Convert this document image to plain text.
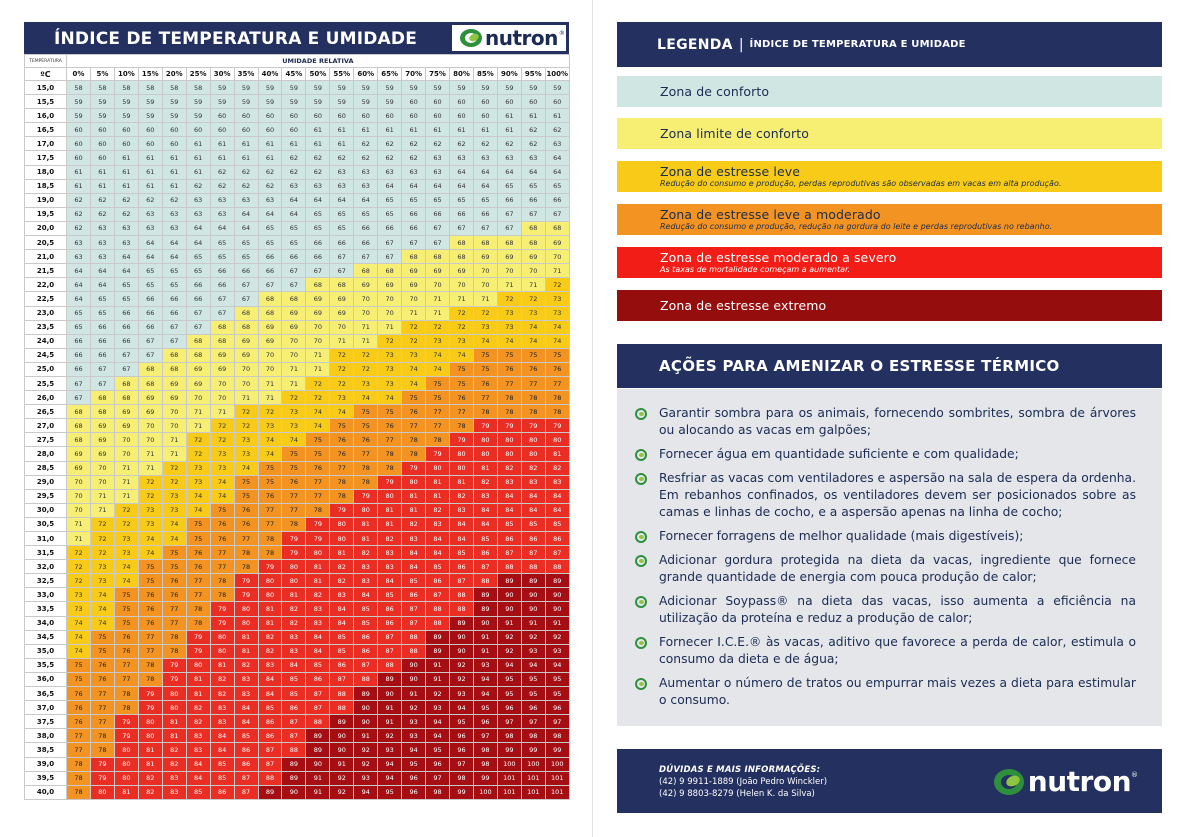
ÍNDICE DE TEMPERATURA E UMIDADE	nutron ®
TEMPERATURA	UMIDADE RELATIVA																				
ºC	0%	5%	10%	15%	20%	25%	30%	35%	40%	45%	50%	55%	60%	65%	70%	75%	80%	85%	90%	95%	100%
15,0	58	58	58	58	58	58	59	59	59	59	59	59	59	59	59	59	59	59	59	59	59
15,5	59	59	59	59	59	59	59	59	59	59	59	59	59	59	60	60	60	60	60	60	60
16,0	59	59	59	59	59	59	60	60	60	60	60	60	60	60	60	60	60	60	61	61	61
16,5	60	60	60	60	60	60	60	60	60	60	61	61	61	61	61	61	61	61	61	62	62
17,0	60	60	60	60	60	61	61	61	61	61	61	61	62	62	62	62	62	62	62	62	63
17,5	60	60	61	61	61	61	61	61	61	62	62	62	62	62	62	63	63	63	63	63	64
18,0	61	61	61	61	61	61	62	62	62	62	62	63	63	63	63	63	64	64	64	64	64
18,5	61	61	61	61	61	62	62	62	62	63	63	63	63	64	64	64	64	64	65	65	65
19,0	62	62	62	62	62	63	63	63	63	64	64	64	64	65	65	65	65	65	66	66	66
19,5	62	62	62	63	63	63	63	64	64	64	65	65	65	65	66	66	66	66	67	67	67
20,0	62	63	63	63	63	64	64	64	65	65	65	65	66	66	66	67	67	67	67	68	68
20,5	63	63	63	64	64	64	65	65	65	65	66	66	66	67	67	67	68	68	68	68	69
21,0	63	63	64	64	64	65	65	65	66	66	66	67	67	67	68	68	68	69	69	69	70
21,5	64	64	64	65	65	65	66	66	66	67	67	67	68	68	69	69	69	70	70	70	71
22,0	64	64	65	65	65	66	66	67	67	67	68	68	69	69	69	70	70	70	71	71	72
22,5	64	65	65	66	66	66	67	67	68	68	69	69	70	70	70	71	71	71	72	72	73
23,0	65	65	66	66	66	67	67	68	68	69	69	69	70	70	71	71	72	72	73	73	73
23,5	65	66	66	66	67	67	68	68	69	69	70	70	71	71	72	72	72	73	73	74	74
24,0	66	66	66	67	67	68	68	69	69	70	70	71	71	72	72	73	73	74	74	74	74
24,5	66	66	67	67	68	68	69	69	70	70	71	72	72	73	73	74	74	75	75	75	75
25,0	66	67	67	68	68	69	69	70	70	71	71	72	72	73	74	74	75	75	76	76	76
25,5	67	67	68	68	69	69	70	70	71	71	72	72	73	73	74	75	75	76	77	77	77
26,0	67	68	68	69	69	70	70	71	71	72	72	73	74	74	75	75	76	77	78	78	78
26,5	68	68	69	69	70	71	71	72	72	73	74	74	75	75	76	77	77	78	78	78	78
27,0	68	69	69	70	70	71	72	72	73	73	74	75	75	76	77	77	78	79	79	79	79
27,5	68	69	70	70	71	72	72	73	74	74	75	76	76	77	78	78	79	80	80	80	80
28,0	69	69	70	71	71	72	73	73	74	75	75	76	77	78	78	79	80	80	80	80	81
28,5	69	70	71	71	72	73	73	74	75	75	76	77	78	78	79	80	80	81	82	82	82
29,0	70	70	71	72	72	73	74	75	75	76	77	78	78	79	80	81	81	82	83	83	83
29,5	70	71	71	72	73	74	74	75	76	77	77	78	79	80	81	81	82	83	84	84	84
30,0	70	71	72	73	73	74	75	76	77	77	78	79	80	81	81	82	83	84	84	84	84
30,5	71	72	72	73	74	75	76	76	77	78	79	80	81	81	82	83	84	84	85	85	85
31,0	71	72	73	74	74	75	76	77	78	79	79	80	81	82	83	84	84	85	86	86	86
31,5	72	72	73	74	75	76	77	78	78	79	80	81	82	83	84	84	85	86	87	87	87
32,0	72	73	74	75	75	76	77	78	79	80	81	82	83	83	84	85	86	87	88	88	88
32,5	72	73	74	75	76	77	78	79	80	80	81	82	83	84	85	86	87	88	89	89	89
33,0	73	74	75	76	76	77	78	79	80	81	82	83	84	85	86	87	88	89	90	90	90
33,5	73	74	75	76	77	78	79	80	81	82	83	84	85	86	87	88	88	89	90	90	90
34,0	74	74	75	76	77	78	79	80	81	82	83	84	85	86	87	88	89	90	91	91	91
34,5	74	75	76	77	78	79	80	81	82	83	84	85	86	87	88	89	90	91	92	92	92
35,0	74	75	76	77	78	79	80	81	82	83	84	85	86	87	88	89	90	91	92	93	93
35,5	75	76	77	78	79	80	81	82	83	84	85	86	87	88	90	91	92	93	94	94	94
36,0	75	76	77	78	79	81	82	83	84	85	86	87	88	89	90	91	92	94	95	95	95
36,5	76	77	78	79	80	81	82	83	84	85	87	88	89	90	91	92	93	94	95	95	95
37,0	76	77	78	79	80	82	83	84	85	86	87	88	90	91	92	93	94	95	96	96	96
37,5	76	77	79	80	81	82	83	84	86	87	88	89	90	91	93	94	95	96	97	97	97
38,0	77	78	79	80	81	83	84	85	86	87	89	90	91	92	93	94	96	97	98	98	98
38,5	77	78	80	81	82	83	84	86	87	88	89	90	92	93	94	95	96	98	99	99	99
39,0	78	79	80	81	82	84	85	86	87	89	90	91	92	94	95	96	97	98	100	100	100
39,5	78	79	80	82	83	84	85	87	88	89	91	92	93	94	96	97	98	99	101	101	101
40,0	78	80	81	82	83	85	86	87	89	90	91	92	94	95	96	98	99	100	101	101	101
LEGENDA | ÍNDICE DE TEMPERATURA E UMIDADE
Zona de conforto
Zona limite de conforto
Zona de estresse leve
Redução do consumo e produção, perdas reprodutivas são observadas em vacas em alta produção.
Zona de estresse leve a moderado
Redução do consumo e produção, redução na gordura do leite e perdas reprodutivas no rebanho.
Zona de estresse moderado a severo
As taxas de mortalidade começam a aumentar.
Zona de estresse extremo
AÇÕES PARA AMENIZAR O ESTRESSE TÉRMICO
Garantir sombra para os animais, fornecendo sombrites, sombra de árvores ou alocando as vacas em galpões;
Fornecer água em quantidade suficiente e com qualidade;
Resfriar as vacas com ventiladores e aspersão na sala de espera da ordenha. Em rebanhos confinados, os ventiladores devem ser posicionados sobre as camas e linhas de cocho, e a aspersão apenas na linha de cocho;
Fornecer forragens de melhor qualidade (mais digestíveis);
Adicionar gordura protegida na dieta da vacas, ingrediente que fornece grande quantidade de energia com pouca produção de calor;
Adicionar Soypass® na dieta das vacas, isso aumenta a eficiência na utilização da proteína e reduz a produção de calor;
Fornecer I.C.E.® às vacas, aditivo que favorece a perda de calor, estimula o consumo da dieta e de água;
Aumentar o número de tratos ou empurrar mais vezes a dieta para estimular o consumo.
DÚVIDAS E MAIS INFORMAÇÕES:
(42) 9 9911-1889 (João Pedro Winckler)
(42) 9 8803-8279 (Helen K. da Silva)	nutron ®
